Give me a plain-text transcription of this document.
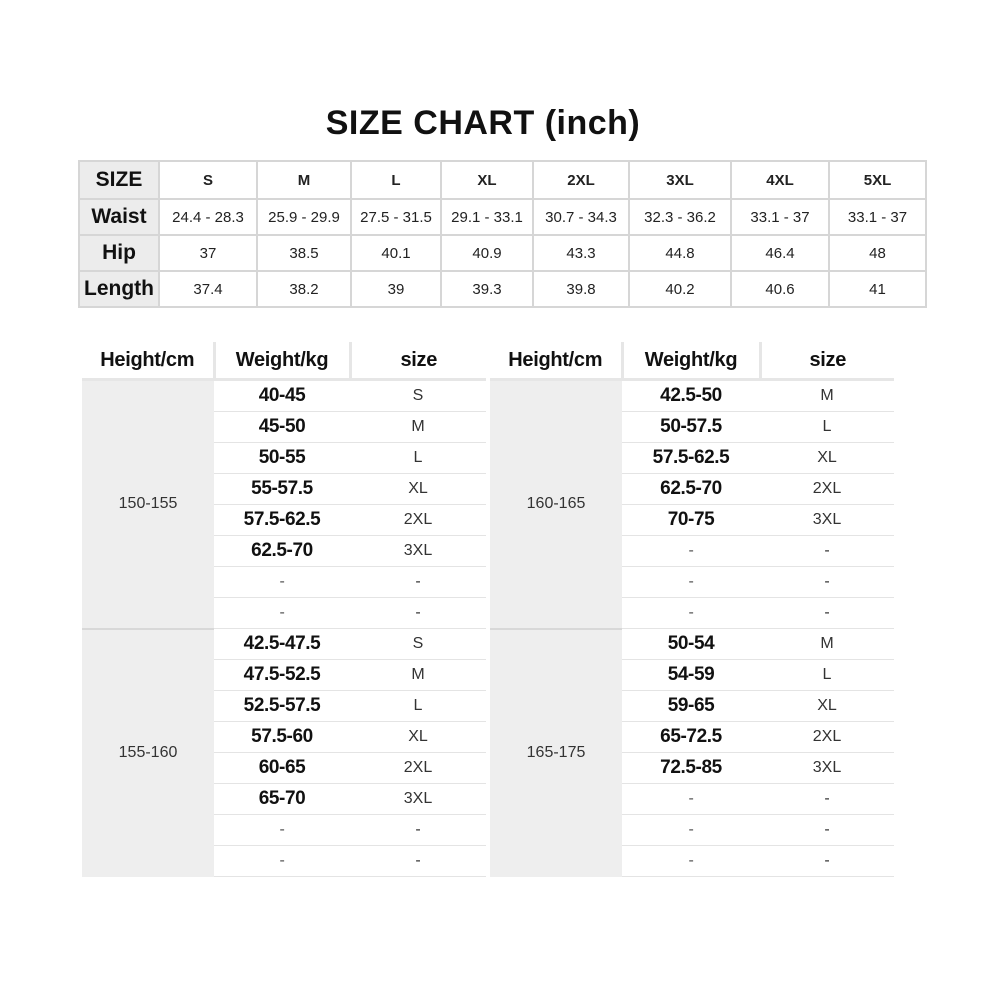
SIZE CHART (inch)
SIZE	S	M	L	XL	2XL	3XL	4XL	5XL
Waist	24.4 - 28.3	25.9 - 29.9	27.5 - 31.5	29.1 - 33.1	30.7 - 34.3	32.3 - 36.2	33.1 - 37	33.1 - 37
Hip	37	38.5	40.1	40.9	43.3	44.8	46.4	48
Length	37.4	38.2	39	39.3	39.8	40.2	40.6	41
Height/cm	Weight/kg	size
150-155	40-45	S
	45-50	M
	50-55	L
	55-57.5	XL
	57.5-62.5	2XL
	62.5-70	3XL
	-	-
	-	-
155-160	42.5-47.5	S
	47.5-52.5	M
	52.5-57.5	L
	57.5-60	XL
	60-65	2XL
	65-70	3XL
	-	-
	-	-
Height/cm	Weight/kg	size
160-165	42.5-50	M
	50-57.5	L
	57.5-62.5	XL
	62.5-70	2XL
	70-75	3XL
	-	-
	-	-
	-	-
165-175	50-54	M
	54-59	L
	59-65	XL
	65-72.5	2XL
	72.5-85	3XL
	-	-
	-	-
	-	-
